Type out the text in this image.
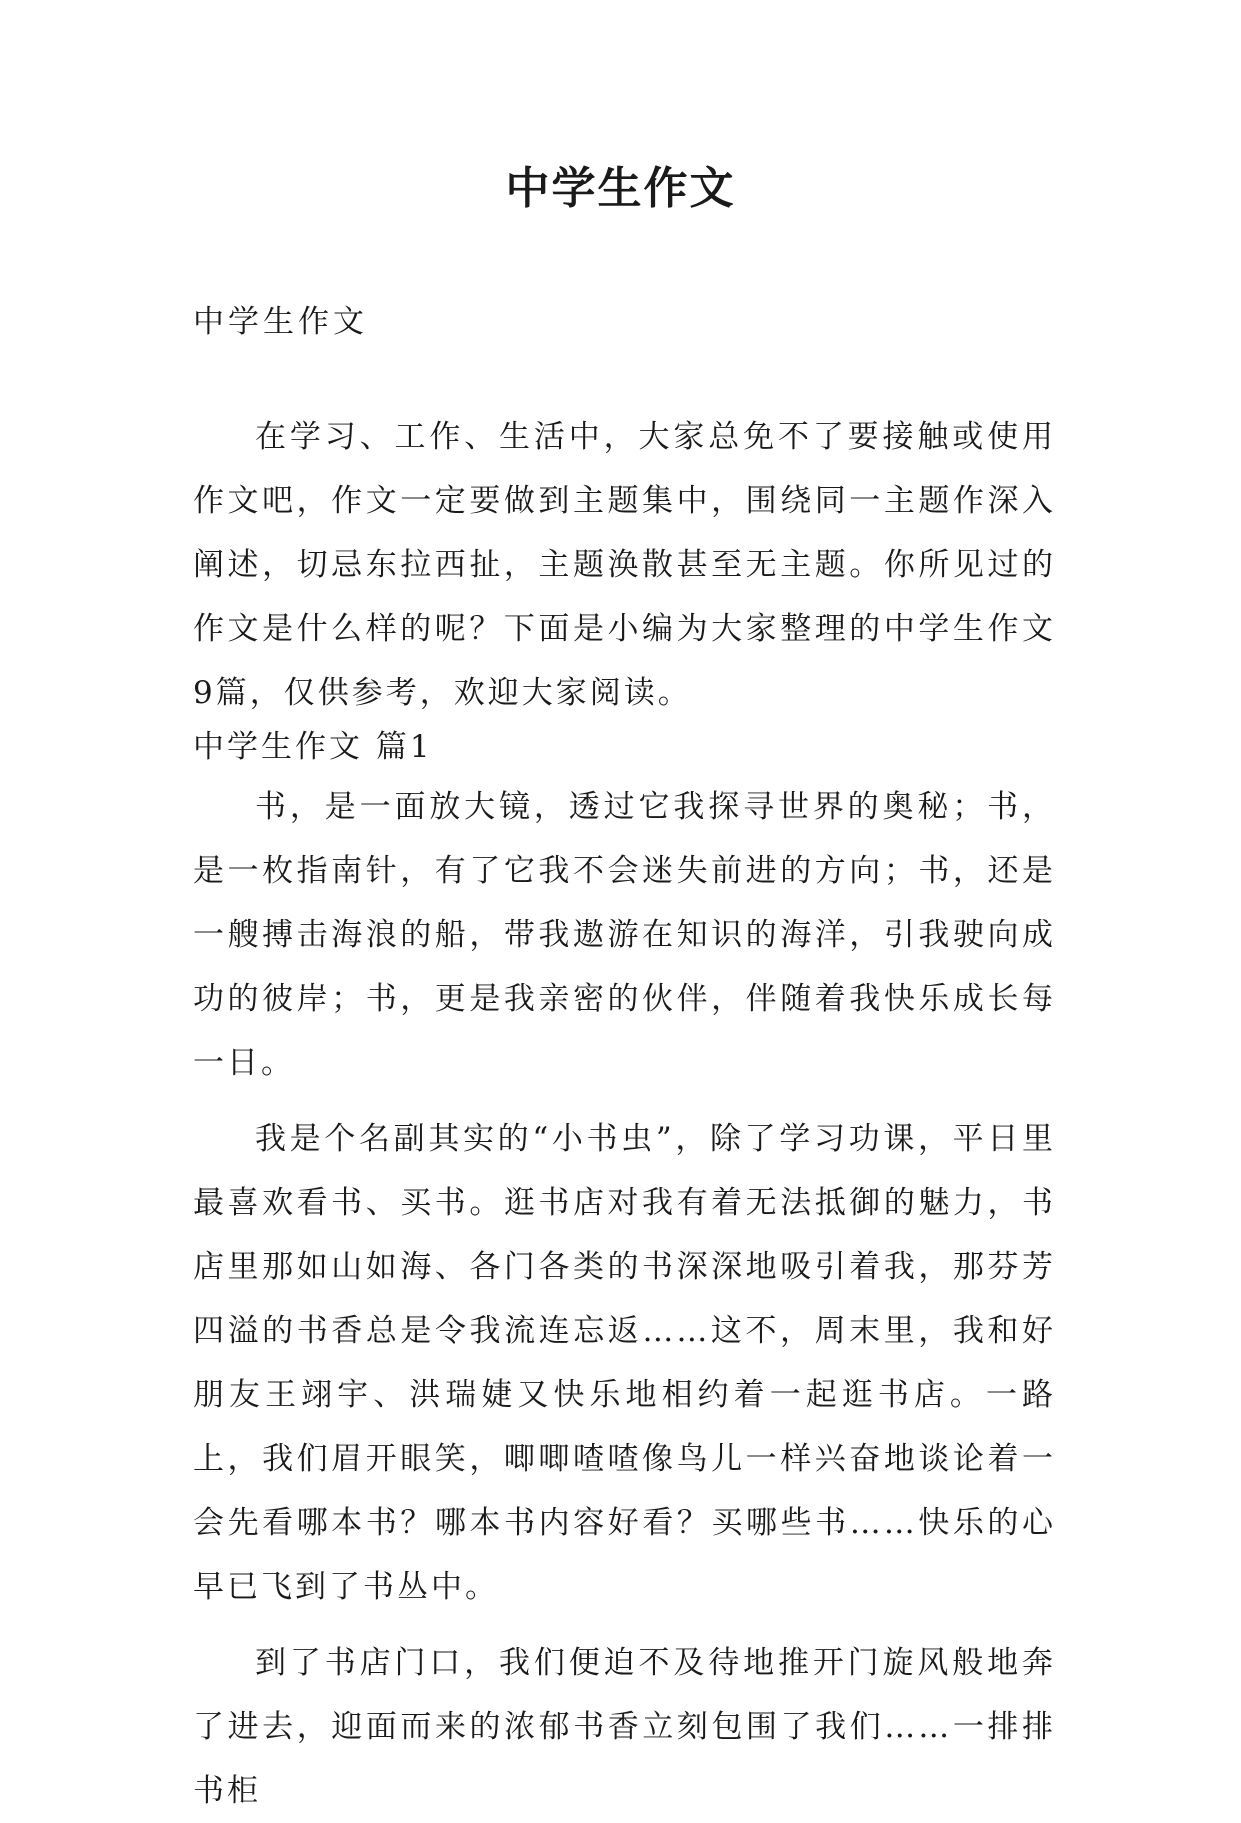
中学生作文
中学生作文

在学习、工作、生活中，大家总免不了要接触或使用作文吧，作文一定要做到主题集中，围绕同一主题作深入阐述，切忌东拉西扯，主题涣散甚至无主题。你所见过的作文是什么样的呢？下面是小编为大家整理的中学生作文9篇，仅供参考，欢迎大家阅读。

中学生作文 篇1

书，是一面放大镜，透过它我探寻世界的奥秘；书，是一枚指南针，有了它我不会迷失前进的方向；书，还是一艘搏击海浪的船，带我遨游在知识的海洋，引我驶向成功的彼岸；书，更是我亲密的伙伴，伴随着我快乐成长每一日。

我是个名副其实的“小书虫”，除了学习功课，平日里最喜欢看书、买书。逛书店对我有着无法抵御的魅力，书店里那如山如海、各门各类的书深深地吸引着我，那芬芳四溢的书香总是令我流连忘返……这不，周末里，我和好朋友王翊宇、洪瑞婕又快乐地相约着一起逛书店。一路上，我们眉开眼笑，唧唧喳喳像鸟儿一样兴奋地谈论着一会先看哪本书？哪本书内容好看？买哪些书……快乐的心早已飞到了书丛中。

到了书店门口，我们便迫不及待地推开门旋风般地奔了进去，迎面而来的浓郁书香立刻包围了我们……一排排书柜
